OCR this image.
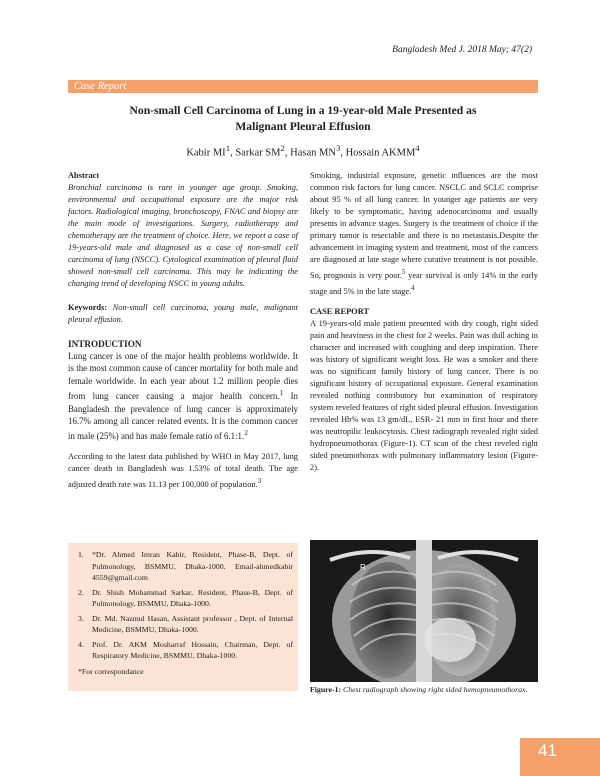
Bangladesh Med J. 2018 May; 47(2)
Case Report
Non-small Cell Carcinoma of Lung in a 19-year-old Male Presented as
Malignant Pleural Effusion
Kabir $MI^1$, Sarkar $SM^2$, Hasan $MN^3$, Hossain AKMM$^4$

Abstract

Bronchial carcinoma is rare in younger age group. Smoking, environmental and occupational exposure are the major risk factors. Radiological imaging, bronchoscopy, FNAC and biopsy are the main mode of investigations. Surgery, radiotherapy and chemotherapy are the treatment of choice. Here, we report a case of 19-years-old male and diagnosed as a case of non-small cell carcinoma of lung (NSCC). Cytological examination of pleural fluid showed non-small cell carcinoma. This may be indicating the changing trend of developing NSCC in young adults.

Keywords: Non-small cell carcinoma, young male, malignant pleural effusion.

INTRODUCTION

Lung cancer is one of the major health problems worldwide. It is the most common cause of cancer mortality for both male and female worldwide. In each year about 1.2 million people dies from lung cancer causing a major health concern.$^1$ In Bangladesh the prevalence of lung cancer is approximately 16.7% among all cancer related events. It is the common cancer in male (25%) and has male female ratio of 6.1:1.$^2$

According to the latest data published by WHO in May 2017, lung cancer death in Bangladesh was 1.53% of total death. The age adjusted death rate was 11.13 per 100,000 of population.$^3$

1.	*Dr. Ahmed Imran Kabir, Resident, Phase-B, Dept. of Pulmonology, BSMMU, Dhaka-1000. Email-ahmedkabir 4559@gmail.com
2.	Dr. Shish Mohammad Sarkar, Resident, Phase-B, Dept. of Pulmonology, BSMMU, Dhaka-1000.
3.	Dr. Md. Nazmul Hasan, Assistant professor , Dept. of Internal Medicine, BSMMU, Dhaka-1000.
4.	Prof. Dr. AKM Mosharraf Hossain, Chairman, Dept. of Respiratory Medicine, BSMMU, Dhaka-1000.
*For correspondance

Smoking, industrial exposure, genetic influences are the most common risk factors for lung cancer. NSCLC and SCLC comprise about 95 % of all lung cancer. In younger age patients are very likely to be symptomatic, having adenocarcinoma and usually presents in advance stages. Surgery is the treatment of choice if the primary tumor is resectable and there is no metastasis.Despite the advancement in imaging system and treatment, most of the cancers are diagnosed at late stage where curative treatment is not possible. So, prognosis is very poor.$^5$ year survival is only 14% in the early stage and 5% in the late stage.$^4$

CASE REPORT

A 19-years-old male patient presented with dry cough, right sided pain and heaviness in the chest for 2 weeks. Pain was dull aching in character and increased with coughing and deep inspiration. There was history of significant weight loss. He was a smoker and there was no significant family history of lung cancer. There is no significant history of occupational exposure. General examination revealed nothing contributory but examination of respiratory system reveled features of right sided pleural effusion. Investigation revealed Hb% was 13 gm/dL, ESR- 21 mm in first hour and there was neutropilic leukocytosis. Chest radiograph revealed right sided hydropneumothorax (Figure-1). CT scan of the chest reveled right sided pneumothorax with pulmonary inflammatory lesion (Figure-2).

R
Figure-1: Chest radiograph showing right sided hemopneumothorax.
41
